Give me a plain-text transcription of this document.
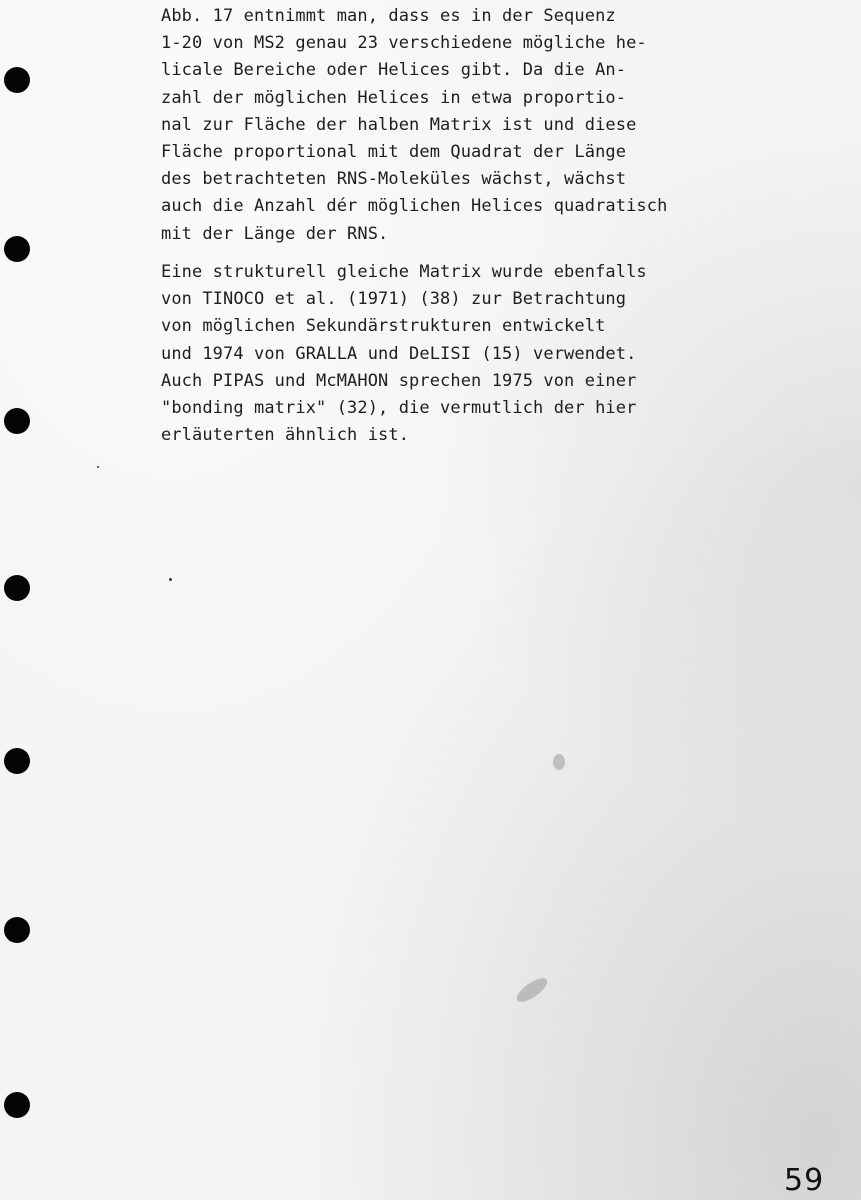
Abb. 17 entnimmt man, dass es in der Sequenz
1-20 von MS2 genau 23 verschiedene mögliche he-
licale Bereiche oder Helices gibt. Da die An-
zahl der möglichen Helices in etwa proportio-
nal zur Fläche der halben Matrix ist und diese
Fläche proportional mit dem Quadrat der Länge
des betrachteten RNS-Moleküles wächst, wächst
auch die Anzahl dér möglichen Helices quadratisch
mit der Länge der RNS.
Eine strukturell gleiche Matrix wurde ebenfalls
von TINOCO et al. (1971) (38) zur Betrachtung
von möglichen Sekundärstrukturen entwickelt
und 1974 von GRALLA und DeLISI (15) verwendet.
Auch PIPAS und McMAHON sprechen 1975 von einer
"bonding matrix" (32), die vermutlich der hier
erläuterten ähnlich ist.
59
